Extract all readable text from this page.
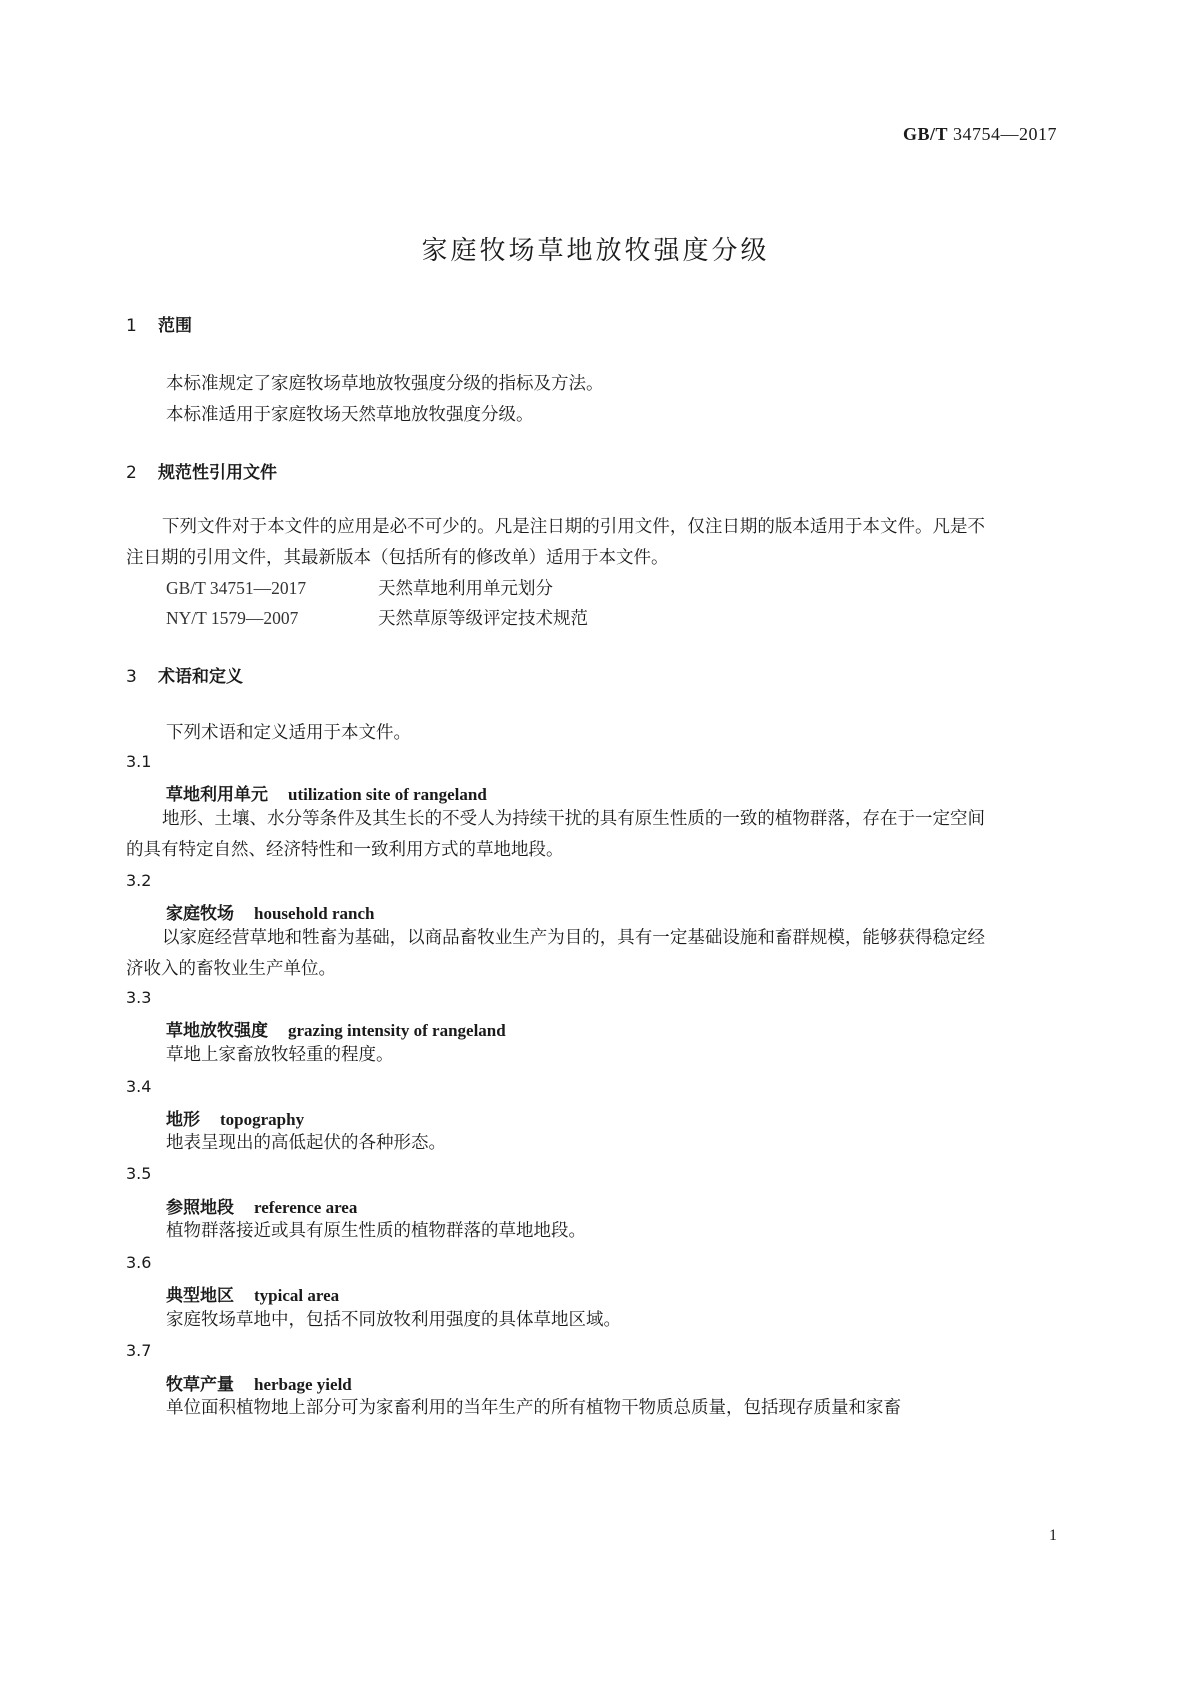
GB/T 34754—2017
家庭牧场草地放牧强度分级
1 范围
本标准规定了家庭牧场草地放牧强度分级的指标及方法。
本标准适用于家庭牧场天然草地放牧强度分级。
2 规范性引用文件
下列文件对于本文件的应用是必不可少的。凡是注日期的引用文件，仅注日期的版本适用于本文件。凡是不注日期的引用文件，其最新版本（包括所有的修改单）适用于本文件。
GB/T 34751—2017	天然草地利用单元划分
NY/T 1579—2007	天然草原等级评定技术规范
3 术语和定义
下列术语和定义适用于本文件。
3.1
草地利用单元 utilization site of rangeland
地形、土壤、水分等条件及其生长的不受人为持续干扰的具有原生性质的一致的植物群落，存在于一定空间的具有特定自然、经济特性和一致利用方式的草地地段。
3.2
家庭牧场 household ranch
以家庭经营草地和牲畜为基础，以商品畜牧业生产为目的，具有一定基础设施和畜群规模，能够获得稳定经济收入的畜牧业生产单位。
3.3
草地放牧强度 grazing intensity of rangeland
草地上家畜放牧轻重的程度。
3.4
地形 topography
地表呈现出的高低起伏的各种形态。
3.5
参照地段 reference area
植物群落接近或具有原生性质的植物群落的草地地段。
3.6
典型地区 typical area
家庭牧场草地中，包括不同放牧利用强度的具体草地区域。
3.7
牧草产量 herbage yield
单位面积植物地上部分可为家畜利用的当年生产的所有植物干物质总质量，包括现存质量和家畜
1
